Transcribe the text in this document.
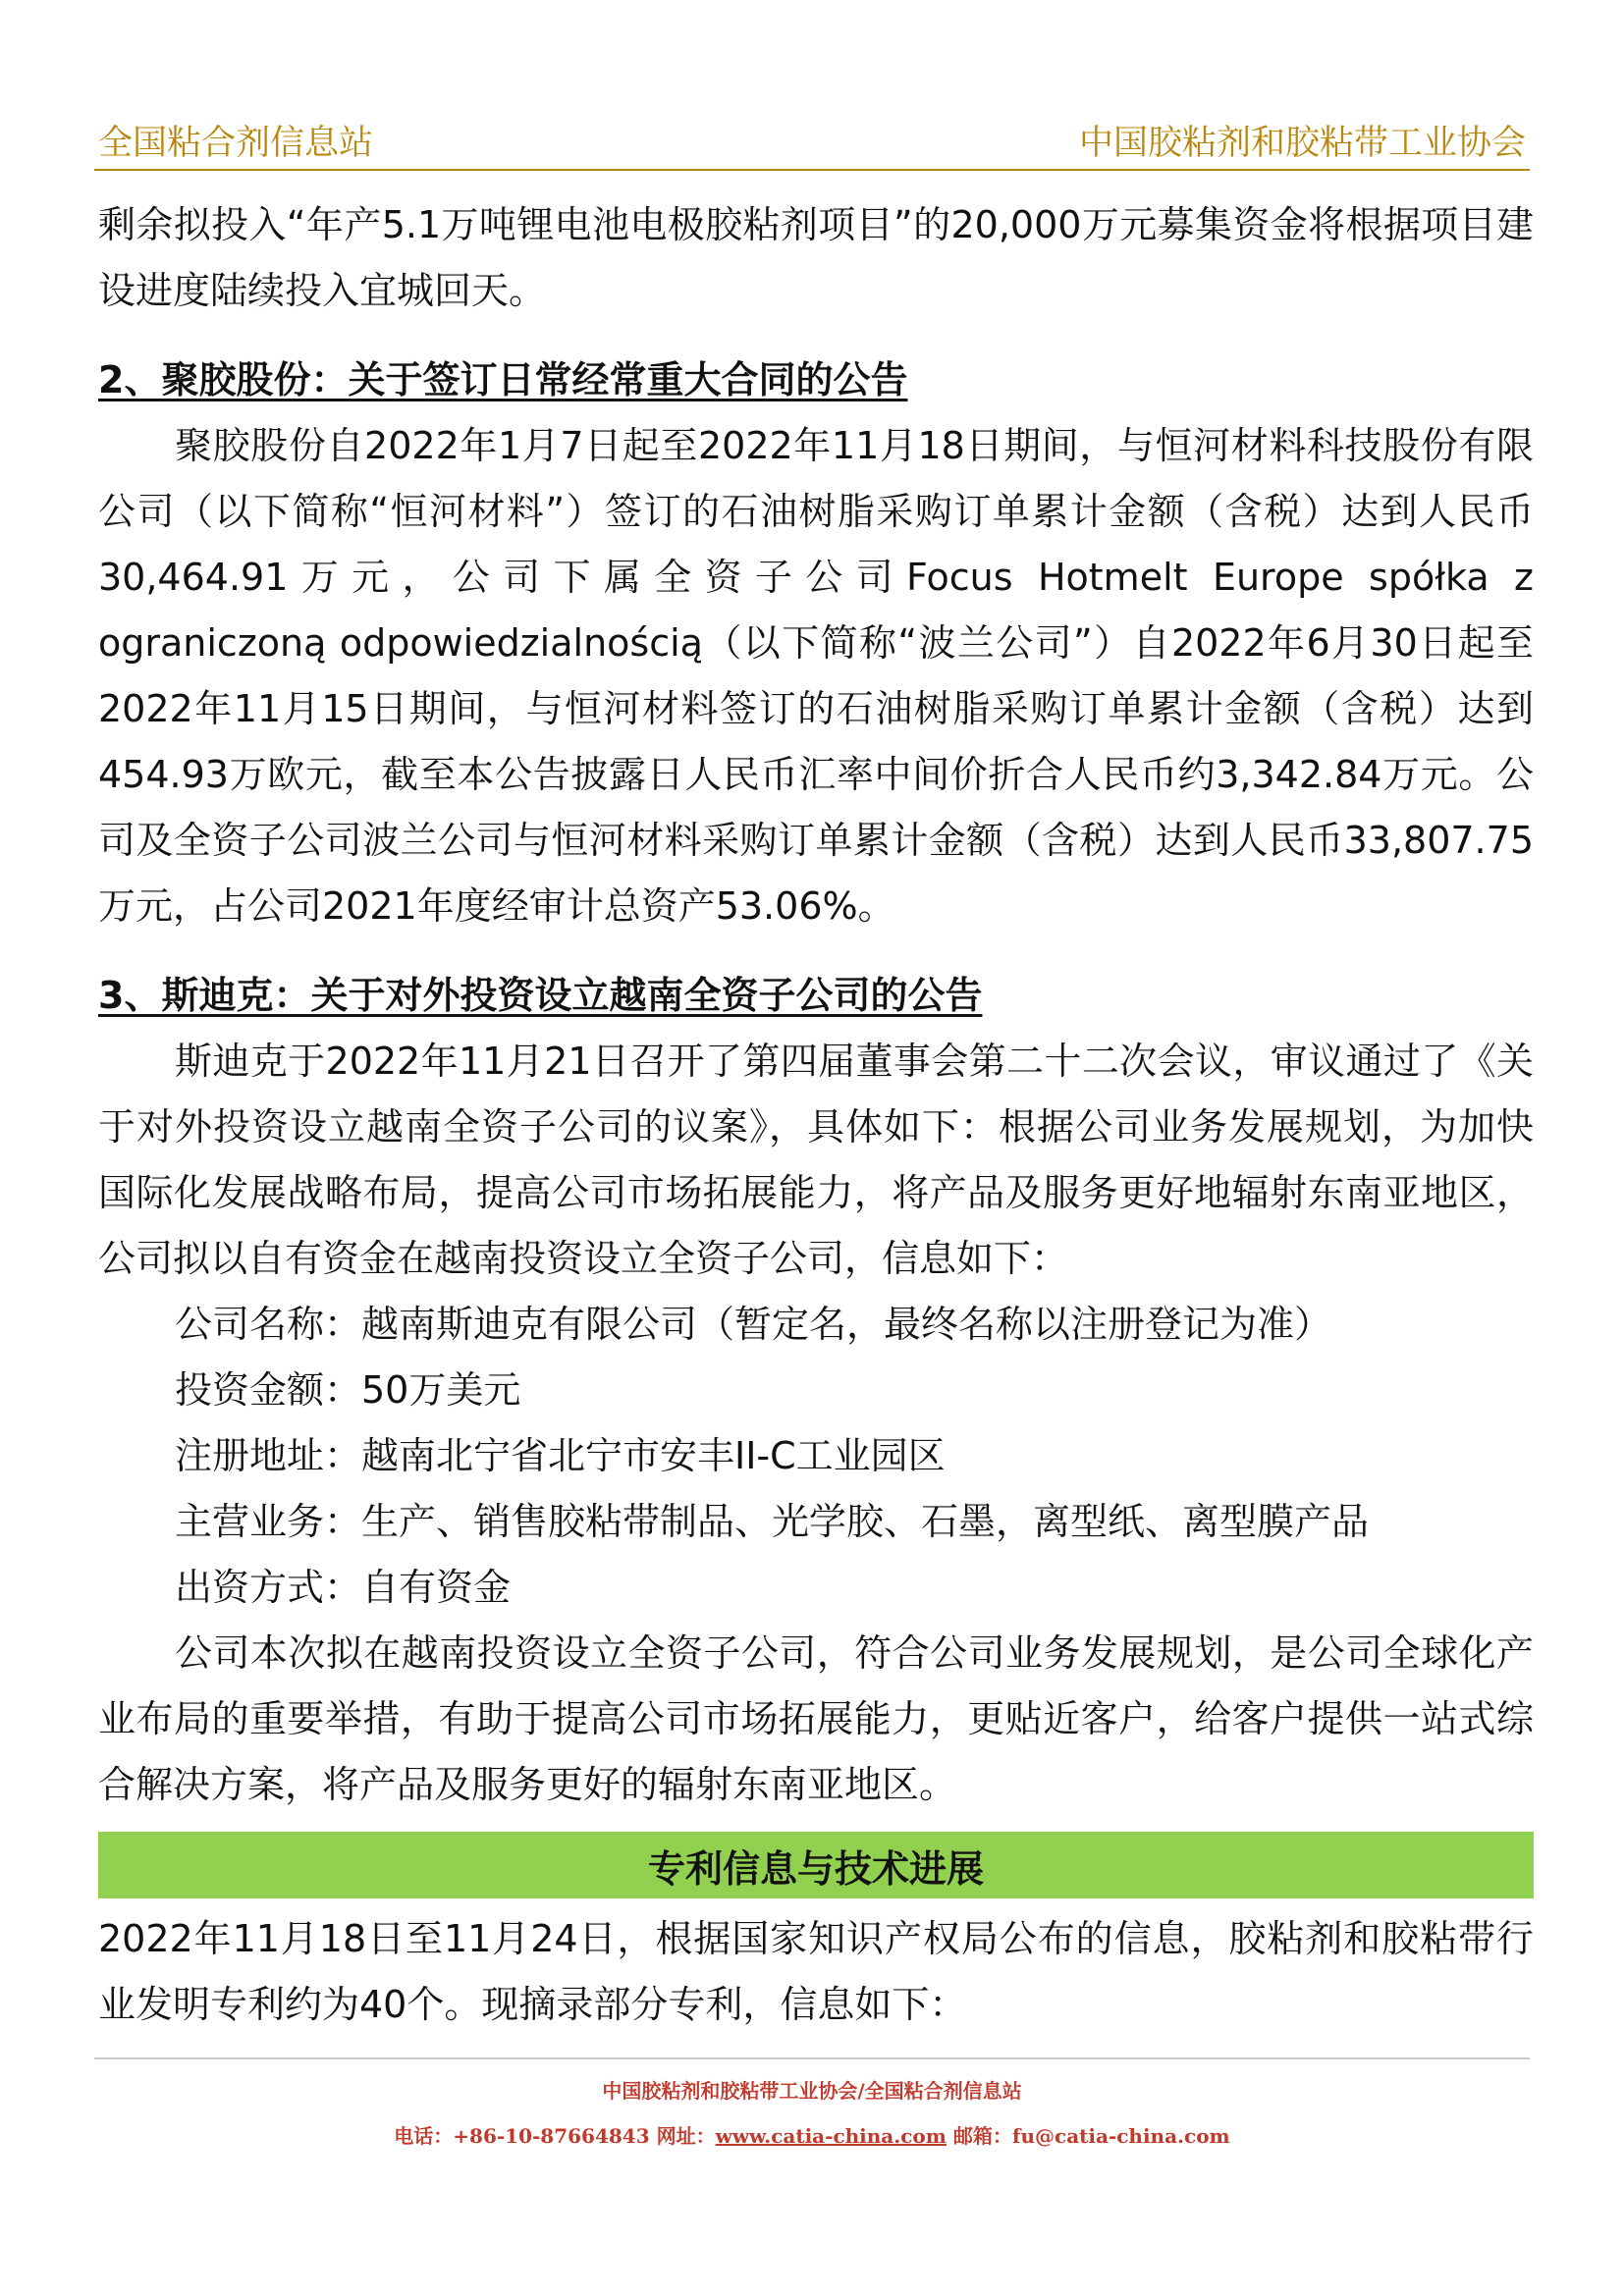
全国粘合剂信息站	中国胶粘剂和胶粘带工业协会

剩余拟投入“年产5.1万吨锂电池电极胶粘剂项目”的20,000万元募集资金将根据项目建设进度陆续投入宜城回天。

2、聚胶股份：关于签订日常经常重大合同的公告

聚胶股份自2022年1月7日起至2022年11月18日期间，与恒河材料科技股份有限公司（以下简称“恒河材料”）签订的石油树脂采购订单累计金额（含税）达到人民币30,464.91万元，公司下属全资子公司Focus Hotmelt Europe spółka z ograniczoną odpowiedzialnością（以下简称“波兰公司”）自2022年6月30日起至2022年11月15日期间，与恒河材料签订的石油树脂采购订单累计金额（含税）达到454.93万欧元，截至本公告披露日人民币汇率中间价折合人民币约3,342.84万元。公司及全资子公司波兰公司与恒河材料采购订单累计金额（含税）达到人民币33,807.75万元，占公司2021年度经审计总资产53.06%。

3、斯迪克：关于对外投资设立越南全资子公司的公告

斯迪克于2022年11月21日召开了第四届董事会第二十二次会议，审议通过了《关于对外投资设立越南全资子公司的议案》，具体如下：根据公司业务发展规划，为加快国际化发展战略布局，提高公司市场拓展能力，将产品及服务更好地辐射东南亚地区，公司拟以自有资金在越南投资设立全资子公司，信息如下：

公司名称：越南斯迪克有限公司（暂定名，最终名称以注册登记为准）
投资金额：50万美元
注册地址：越南北宁省北宁市安丰II-C工业园区
主营业务：生产、销售胶粘带制品、光学胶、石墨，离型纸、离型膜产品
出资方式：自有资金

公司本次拟在越南投资设立全资子公司，符合公司业务发展规划，是公司全球化产业布局的重要举措，有助于提高公司市场拓展能力，更贴近客户，给客户提供一站式综合解决方案，将产品及服务更好的辐射东南亚地区。

专利信息与技术进展

2022年11月18日至11月24日，根据国家知识产权局公布的信息，胶粘剂和胶粘带行业发明专利约为40个。现摘录部分专利，信息如下：

中国胶粘剂和胶粘带工业协会/全国粘合剂信息站
电话：+86-10-87664843 网址：www.catia-china.com 邮箱：fu@catia-china.com
